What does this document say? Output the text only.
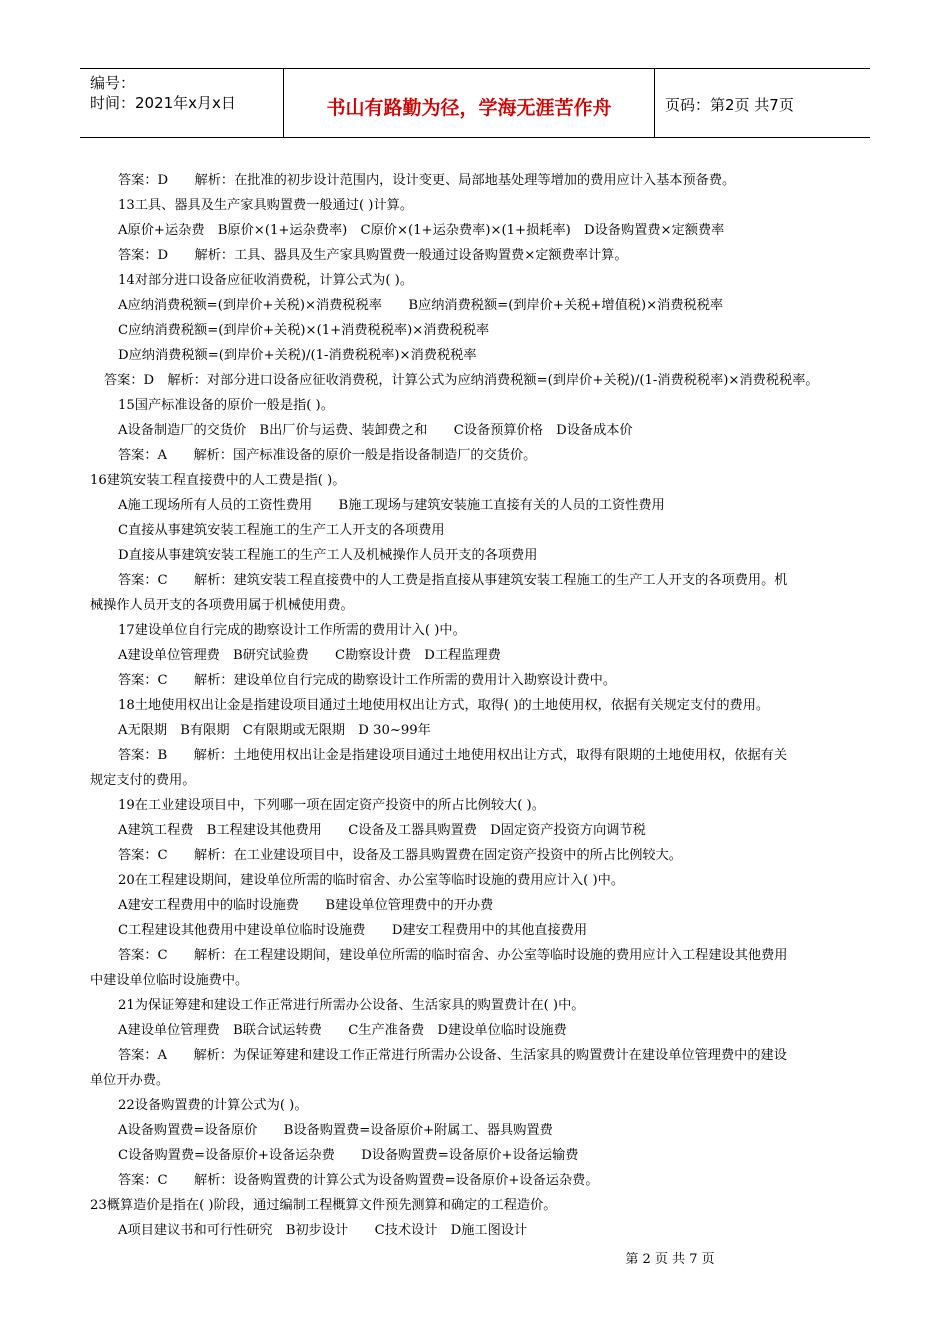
编号：
时间：2021年x月x日	书山有路勤为径，学海无涯苦作舟	页码：第2页 共7页
答案：D　　解析：在批准的初步设计范围内，设计变更、局部地基处理等增加的费用应计入基本预备费。
13工具、器具及生产家具购置费一般通过( )计算。
A原价+运杂费　B原价×(1+运杂费率)　C原价×(1+运杂费率)×(1+损耗率)　D设备购置费×定额费率
答案：D　　解析：工具、器具及生产家具购置费一般通过设备购置费×定额费率计算。
14对部分进口设备应征收消费税，计算公式为( )。
A应纳消费税额=(到岸价+关税)×消费税税率　　B应纳消费税额=(到岸价+关税+增值税)×消费税税率
C应纳消费税额=(到岸价+关税)×(1+消费税税率)×消费税税率
D应纳消费税额=(到岸价+关税)/(1-消费税税率)×消费税税率
答案：D　解析：对部分进口设备应征收消费税，计算公式为应纳消费税额=(到岸价+关税)/(1-消费税税率)×消费税税率。
15国产标准设备的原价一般是指( )。
A设备制造厂的交货价　B出厂价与运费、装卸费之和　　C设备预算价格　D设备成本价
答案：A　　解析：国产标准设备的原价一般是指设备制造厂的交货价。
16建筑安装工程直接费中的人工费是指( )。
A施工现场所有人员的工资性费用　　B施工现场与建筑安装施工直接有关的人员的工资性费用
C直接从事建筑安装工程施工的生产工人开支的各项费用
D直接从事建筑安装工程施工的生产工人及机械操作人员开支的各项费用
答案：C　　解析：建筑安装工程直接费中的人工费是指直接从事建筑安装工程施工的生产工人开支的各项费用。机
械操作人员开支的各项费用属于机械使用费。
17建设单位自行完成的勘察设计工作所需的费用计入( )中。
A建设单位管理费　B研究试验费　　C勘察设计费　D工程监理费
答案：C　　解析：建设单位自行完成的勘察设计工作所需的费用计入勘察设计费中。
18土地使用权出让金是指建设项目通过土地使用权出让方式，取得( )的土地使用权，依据有关规定支付的费用。
A无限期　B有限期　C有限期或无限期　D 30~99年
答案：B　　解析：土地使用权出让金是指建设项目通过土地使用权出让方式，取得有限期的土地使用权，依据有关
规定支付的费用。
19在工业建设项目中，下列哪一项在固定资产投资中的所占比例较大( )。
A建筑工程费　B工程建设其他费用　　C设备及工器具购置费　D固定资产投资方向调节税
答案：C　　解析：在工业建设项目中，设备及工器具购置费在固定资产投资中的所占比例较大。
20在工程建设期间，建设单位所需的临时宿舍、办公室等临时设施的费用应计入( )中。
A建安工程费用中的临时设施费　　B建设单位管理费中的开办费
C工程建设其他费用中建设单位临时设施费　　D建安工程费用中的其他直接费用
答案：C　　解析：在工程建设期间，建设单位所需的临时宿舍、办公室等临时设施的费用应计入工程建设其他费用
中建设单位临时设施费中。
21为保证筹建和建设工作正常进行所需办公设备、生活家具的购置费计在( )中。
A建设单位管理费　B联合试运转费　　C生产准备费　D建设单位临时设施费
答案：A　　解析：为保证筹建和建设工作正常进行所需办公设备、生活家具的购置费计在建设单位管理费中的建设
单位开办费。
22设备购置费的计算公式为( )。
A设备购置费=设备原价　　B设备购置费=设备原价+附属工、器具购置费
C设备购置费=设备原价+设备运杂费　　D设备购置费=设备原价+设备运输费
答案：C　　解析：设备购置费的计算公式为设备购置费=设备原价+设备运杂费。
23概算造价是指在( )阶段，通过编制工程概算文件预先测算和确定的工程造价。
A项目建议书和可行性研究　B初步设计　　C技术设计　D施工图设计
第 2 页 共 7 页
